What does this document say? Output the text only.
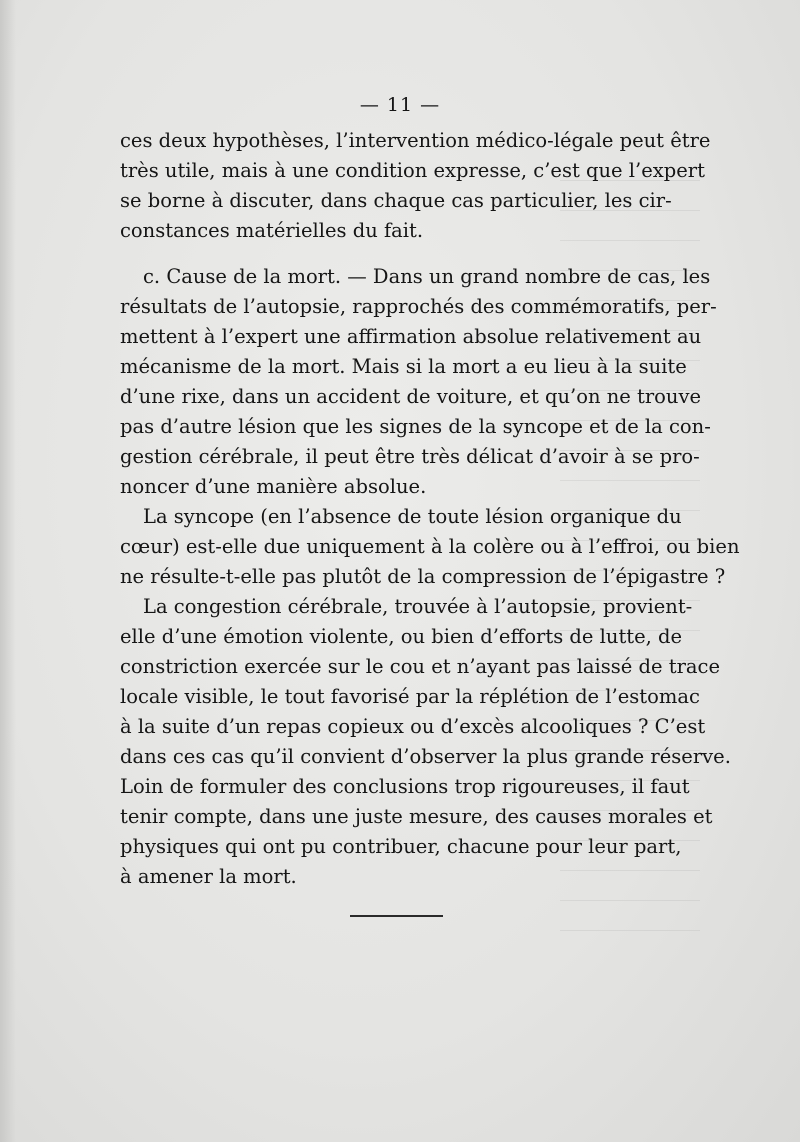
— 11 —
ces deux hypothèses, l’intervention médico-légale peut être
très utile, mais à une condition expresse, c’est que l’expert
se borne à discuter, dans chaque cas particulier, les cir-
constances matérielles du fait.
c. Cause de la mort. — Dans un grand nombre de cas, les
résultats de l’autopsie, rapprochés des commémoratifs, per-
mettent à l’expert une affirmation absolue relativement au
mécanisme de la mort. Mais si la mort a eu lieu à la suite
d’une rixe, dans un accident de voiture, et qu’on ne trouve
pas d’autre lésion que les signes de la syncope et de la con-
gestion cérébrale, il peut être très délicat d’avoir à se pro-
noncer d’une manière absolue.
La syncope (en l’absence de toute lésion organique du
cœur) est-elle due uniquement à la colère ou à l’effroi, ou bien
ne résulte-t-elle pas plutôt de la compression de l’épigastre ?
La congestion cérébrale, trouvée à l’autopsie, provient-
elle d’une émotion violente, ou bien d’efforts de lutte, de
constriction exercée sur le cou et n’ayant pas laissé de trace
locale visible, le tout favorisé par la réplétion de l’estomac
à la suite d’un repas copieux ou d’excès alcooliques ? C’est
dans ces cas qu’il convient d’observer la plus grande réserve.
Loin de formuler des conclusions trop rigoureuses, il faut
tenir compte, dans une juste mesure, des causes morales et
physiques qui ont pu contribuer, chacune pour leur part,
à amener la mort.
